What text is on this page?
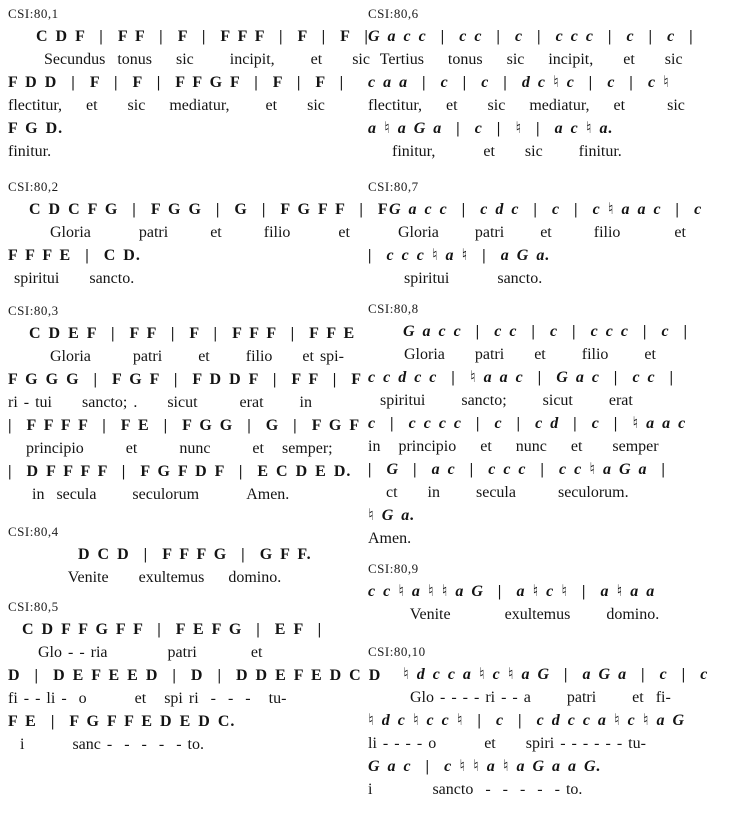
CSI:80,1
C D F  |  F F  |  F  |  F F F  |  F  |  F  |
Secundus  tonus    sic      incipit,      et     sic
F D D  |  F  |  F  |  F F G F  |  F  |  F  |
flectitur,    et     sic    mediatur,      et     sic
F G D.
finitur.
CSI:80,2
C D C F G  |  F G G  |  G  |  F G F F  |  F
Gloria        patri       et       filio        et
F F F E  |  C D.
spiritui     sancto.
CSI:80,3
C D E F  |  F F  |  F  |  F F F  |  F F E
Gloria       patri      et      filio     et spi-
F G G G  |  F G F  |  F D D F  |  F F  |  F
ri - tui     sancto; .     sicut       erat      in
|  F F F F  |  F E  |  F G G  |  G  |  F G F
principio       et       nunc       et   semper;
|  D F F F F  |  F G F D F  |  E C D E D.
in  secula      seculorum        Amen.
CSI:80,4
D C D  |  F F F G  |  G F F.
Venite     exultemus    domino.
CSI:80,5
C D F F G F F  |  F E F G  |  E F  |
Glo - - ria          patri         et
D  |  D E F E E D  |  D  |  D D E F E D C D
fi - - li -  o        et   spi ri  -  -  -   tu-
F E  |  F G F F E D E D C.
i        sanc -  -  -  -  - to.
CSI:80,6
G a c c  |  c c  |  c  |  c c c  |  c  |  c  |
Tertius    tonus    sic    incipit,     et     sic
c a a  |  c  |  c  |  d c ♮ c  |  c  |  c ♮
flectitur,    et     sic    mediatur,    et       sic
a ♮ a G a  |  c  |  ♮  |  a c ♮ a.
finitur,        et     sic      finitur.
CSI:80,7
G a c c  |  c d c  |  c  |  c ♮ a a c  |  c
Gloria      patri      et       filio         et
|  c c c ♮ a ♮  |  a G a.
spiritui        sancto.
CSI:80,8
G a c c  |  c c  |  c  |  c c c  |  c  |
Gloria     patri     et      filio      et
c c d c c  |  ♮ a a c  |  G a c  |  c c  |
spiritui      sancto;      sicut      erat
c  |  c c c c  |  c  |  c d  |  c  |  ♮ a a c
in   principio    et    nunc    et     semper
|  G  |  a c  |  c c c  |  c c ♮ a G a  |
ct     in      secula       seculorum.
♮ G a.
Amen.
CSI:80,9
c c ♮ a ♮ ♮ a G  |  a ♮ c ♮  |  a ♮ a a
Venite         exultemus      domino.
CSI:80,10
♮ d c c a ♮ c ♮ a G  |  a G a  |  c  |  c
Glo - - - - ri - - a      patri      et  fi-
♮ d c ♮ c c ♮  |  c  |  c d c c a ♮ c ♮ a G
li - - - - o        et     spiri - - - - - - tu-
G a c  |  c ♮ ♮ a ♮ a G a a G.
i          sancto  -  -  -  -  - to.
